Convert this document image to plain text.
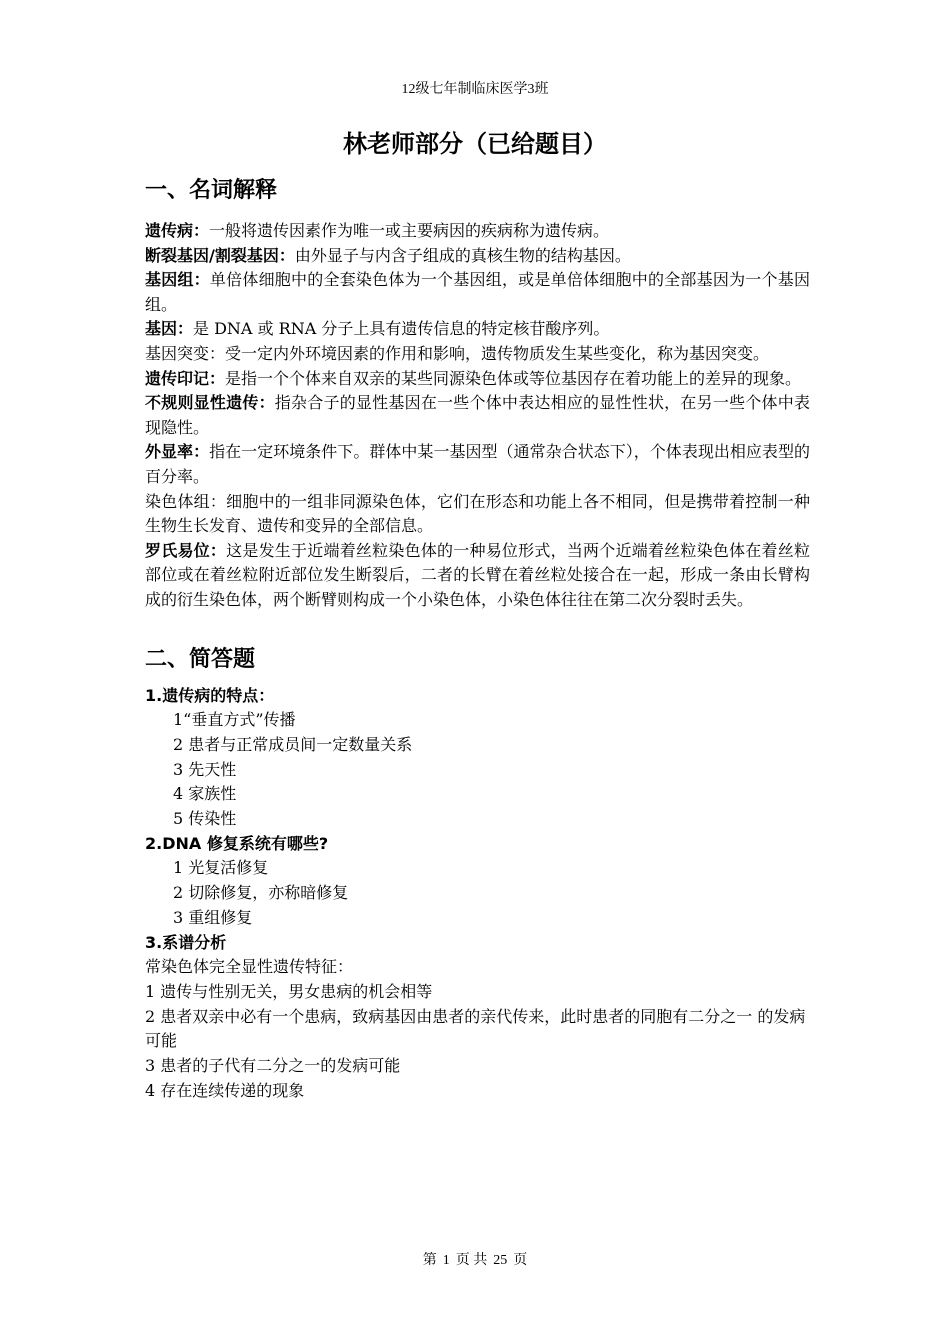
12级七年制临床医学3班
林老师部分（已给题目）
一、名词解释

遗传病：一般将遗传因素作为唯一或主要病因的疾病称为遗传病。

断裂基因/割裂基因：由外显子与内含子组成的真核生物的结构基因。

基因组：单倍体细胞中的全套染色体为一个基因组，或是单倍体细胞中的全部基因为一个基因组。

基因：是 DNA 或 RNA 分子上具有遗传信息的特定核苷酸序列。

基因突变：受一定内外环境因素的作用和影响，遗传物质发生某些变化，称为基因突变。

遗传印记：是指一个个体来自双亲的某些同源染色体或等位基因存在着功能上的差异的现象。

不规则显性遗传：指杂合子的显性基因在一些个体中表达相应的显性性状，在另一些个体中表现隐性。

外显率：指在一定环境条件下。群体中某一基因型（通常杂合状态下），个体表现出相应表型的百分率。

染色体组：细胞中的一组非同源染色体，它们在形态和功能上各不相同，但是携带着控制一种生物生长发育、遗传和变异的全部信息。

罗氏易位：这是发生于近端着丝粒染色体的一种易位形式，当两个近端着丝粒染色体在着丝粒部位或在着丝粒附近部位发生断裂后，二者的长臂在着丝粒处接合在一起，形成一条由长臂构成的衍生染色体，两个断臂则构成一个小染色体，小染色体往往在第二次分裂时丢失。

二、简答题

1.遗传病的特点：

1“垂直方式”传播

2 患者与正常成员间一定数量关系

3 先天性

4 家族性

5 传染性

2.DNA 修复系统有哪些?

1 光复活修复

2 切除修复，亦称暗修复

3 重组修复

3.系谱分析

常染色体完全显性遗传特征：

1 遗传与性别无关，男女患病的机会相等

2 患者双亲中必有一个患病，致病基因由患者的亲代传来，此时患者的同胞有二分之一 的发病可能

3 患者的子代有二分之一的发病可能

4 存在连续传递的现象

第 1 页 共 25 页
